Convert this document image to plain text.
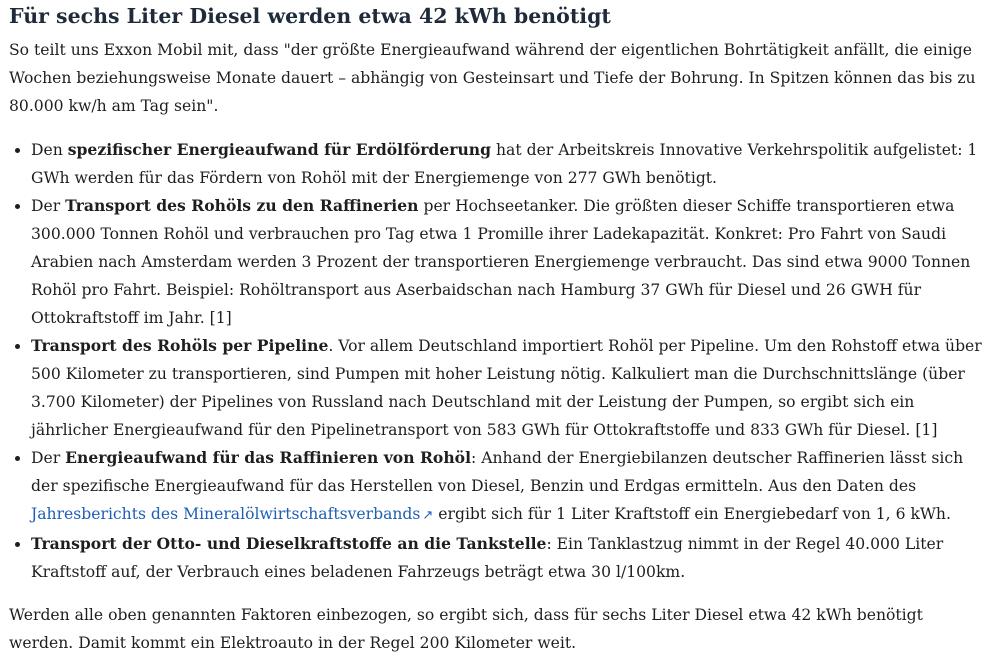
Für sechs Liter Diesel werden etwa 42 kWh benötigt

So teilt uns Exxon Mobil mit, dass "der größte Energieaufwand während der eigentlichen Bohrtätigkeit anfällt, die einige Wochen beziehungsweise Monate dauert – abhängig von Gesteinsart und Tiefe der Bohrung. In Spitzen können das bis zu 80.000 kw/h am Tag sein".

• Den spezifischer Energieaufwand für Erdölförderung hat der Arbeitskreis Innovative Verkehrspolitik aufgelistet: 1 GWh werden für das Fördern von Rohöl mit der Energiemenge von 277 GWh benötigt.
• Der Transport des Rohöls zu den Raffinerien per Hochseetanker. Die größten dieser Schiffe transportieren etwa 300.000 Tonnen Rohöl und verbrauchen pro Tag etwa 1 Promille ihrer Ladekapazität. Konkret: Pro Fahrt von Saudi Arabien nach Amsterdam werden 3 Prozent der transportieren Energiemenge verbraucht. Das sind etwa 9000 Tonnen Rohöl pro Fahrt. Beispiel: Rohöltransport aus Aserbaidschan nach Hamburg 37 GWh für Diesel und 26 GWH für Ottokraftstoff im Jahr. [1]
• Transport des Rohöls per Pipeline. Vor allem Deutschland importiert Rohöl per Pipeline. Um den Rohstoff etwa über 500 Kilometer zu transportieren, sind Pumpen mit hoher Leistung nötig. Kalkuliert man die Durchschnittslänge (über 3.700 Kilometer) der Pipelines von Russland nach Deutschland mit der Leistung der Pumpen, so ergibt sich ein jährlicher Energieaufwand für den Pipelinetransport von 583 GWh für Ottokraftstoffe und 833 GWh für Diesel. [1]
• Der Energieaufwand für das Raffinieren von Rohöl: Anhand der Energiebilanzen deutscher Raffinerien lässt sich der spezifische Energieaufwand für das Herstellen von Diesel, Benzin und Erdgas ermitteln. Aus den Daten des Jahresberichts des Mineralölwirtschaftsverbands ↗ ergibt sich für 1 Liter Kraftstoff ein Energiebedarf von 1, 6 kWh.
• Transport der Otto- und Dieselkraftstoffe an die Tankstelle: Ein Tanklastzug nimmt in der Regel 40.000 Liter Kraftstoff auf, der Verbrauch eines beladenen Fahrzeugs beträgt etwa 30 l/100km.

Werden alle oben genannten Faktoren einbezogen, so ergibt sich, dass für sechs Liter Diesel etwa 42 kWh benötigt werden. Damit kommt ein Elektroauto in der Regel 200 Kilometer weit.
